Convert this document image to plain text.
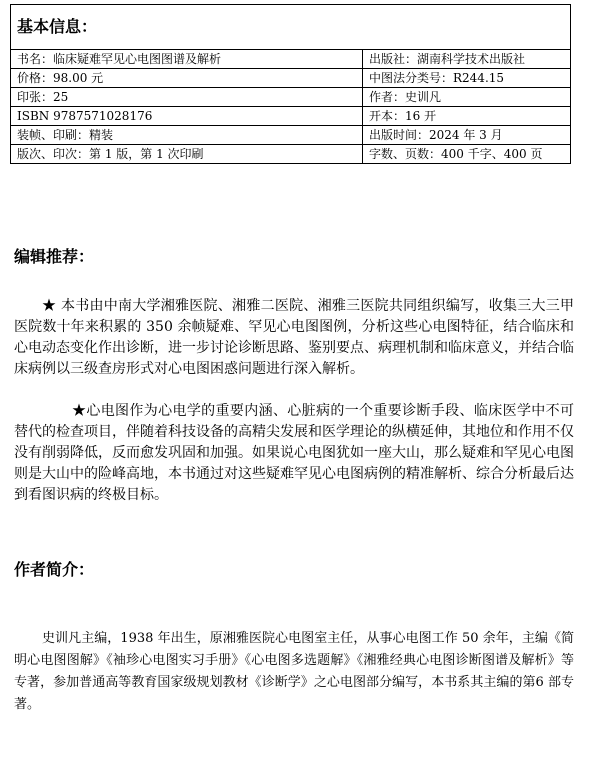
基本信息：	
书名：临床疑难罕见心电图图谱及解析	出版社：湖南科学技术出版社
价格：98.00 元	中图法分类号：R244.15
印张：25	作者：史训凡
ISBN 9787571028176	开本：16 开
装帧、印刷：精装	出版时间：2024 年 3 月
版次、印次：第 1 版，第 1 次印刷	字数、页数：400 千字、400 页
编辑推荐：

★ 本书由中南大学湘雅医院、湘雅二医院、湘雅三医院共同组织编写，收集三大三甲医院数十年来积累的 350 余帧疑难、罕见心电图图例，分析这些心电图特征，结合临床和心电动态变化作出诊断，进一步讨论诊断思路、鉴别要点、病理机制和临床意义，并结合临床病例以三级查房形式对心电图困惑问题进行深入解析。

★心电图作为心电学的重要内涵、心脏病的一个重要诊断手段、临床医学中不可替代的检查项目，伴随着科技设备的高精尖发展和医学理论的纵横延伸，其地位和作用不仅没有削弱降低，反而愈发巩固和加强。如果说心电图犹如一座大山，那么疑难和罕见心电图则是大山中的险峰高地，本书通过对这些疑难罕见心电图病例的精准解析、综合分析最后达到看图识病的终极目标。

作者简介：

史训凡主编，1938 年出生，原湘雅医院心电图室主任，从事心电图工作 50 余年，主编《简明心电图图解》《袖珍心电图实习手册》《心电图多选题解》《湘雅经典心电图诊断图谱及解析》等专著，参加普通高等教育国家级规划教材《诊断学》之心电图部分编写，本书系其主编的第6 部专著。
